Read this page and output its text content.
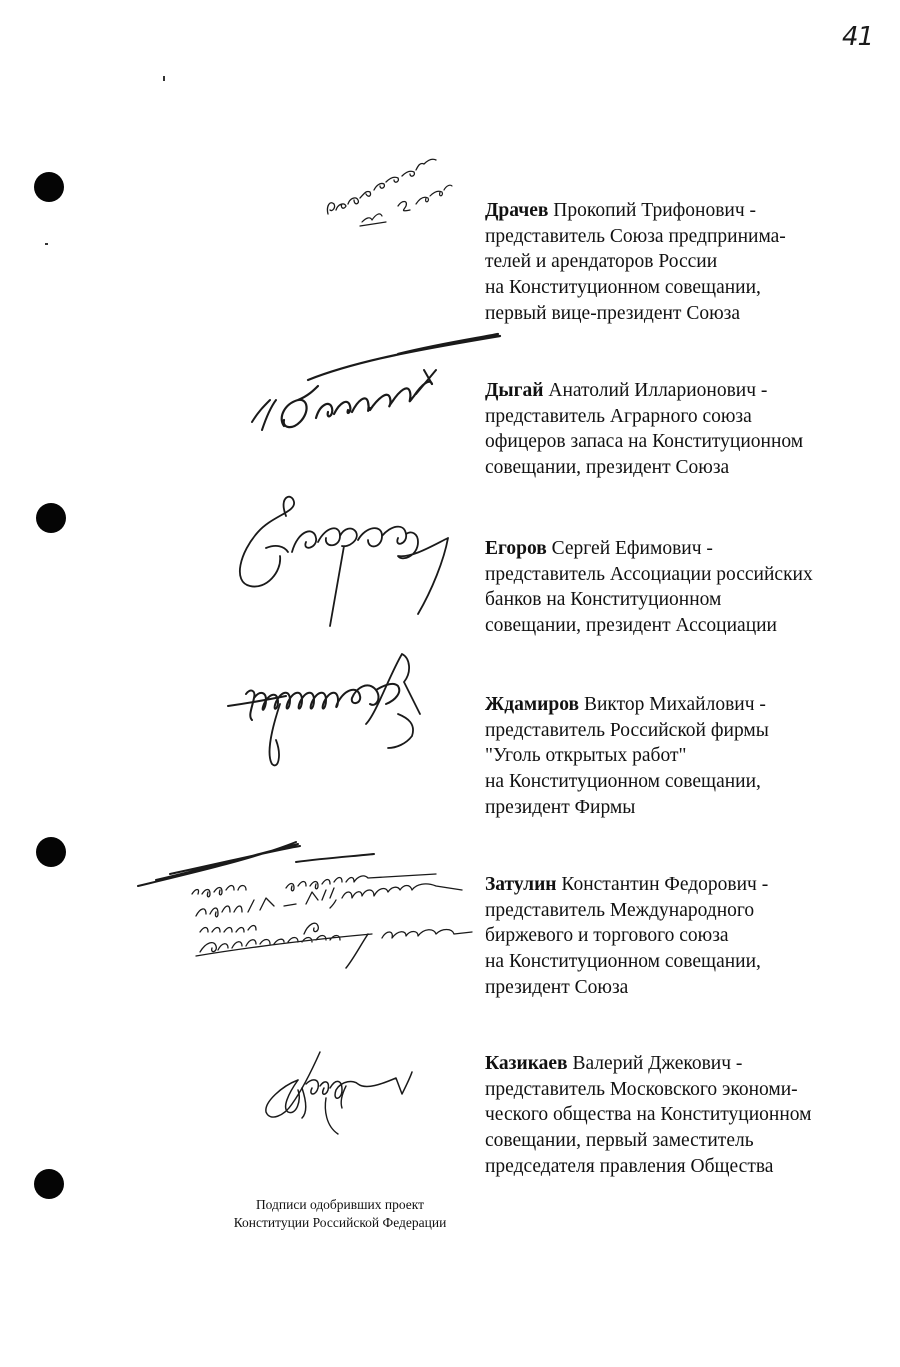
41

Драчев Прокопий Трифонович -

представитель Союза предпринима-
телей и арендаторов России
на Конституционном совещании,
первый вице-президент Союза

Дыгай Анатолий Илларионович -

представитель Аграрного союза
офицеров запаса на Конституционном
совещании, президент Союза

Егоров Сергей Ефимович -

представитель Ассоциации российских
банков на Конституционном
совещании, президент Ассоциации

Ждамиров Виктор Михайлович -

представитель Российской фирмы
"Уголь открытых работ"
на Конституционном совещании,
президент Фирмы

Затулин Константин Федорович -

представитель Международного
биржевого и торгового союза
на Конституционном совещании,
президент Союза

Казикаев Валерий Джекович -

представитель Московского экономи-
ческого общества на Конституционном
совещании, первый заместитель
председателя правления Общества

Подписи одобривших проект
Конституции Российской Федерации
